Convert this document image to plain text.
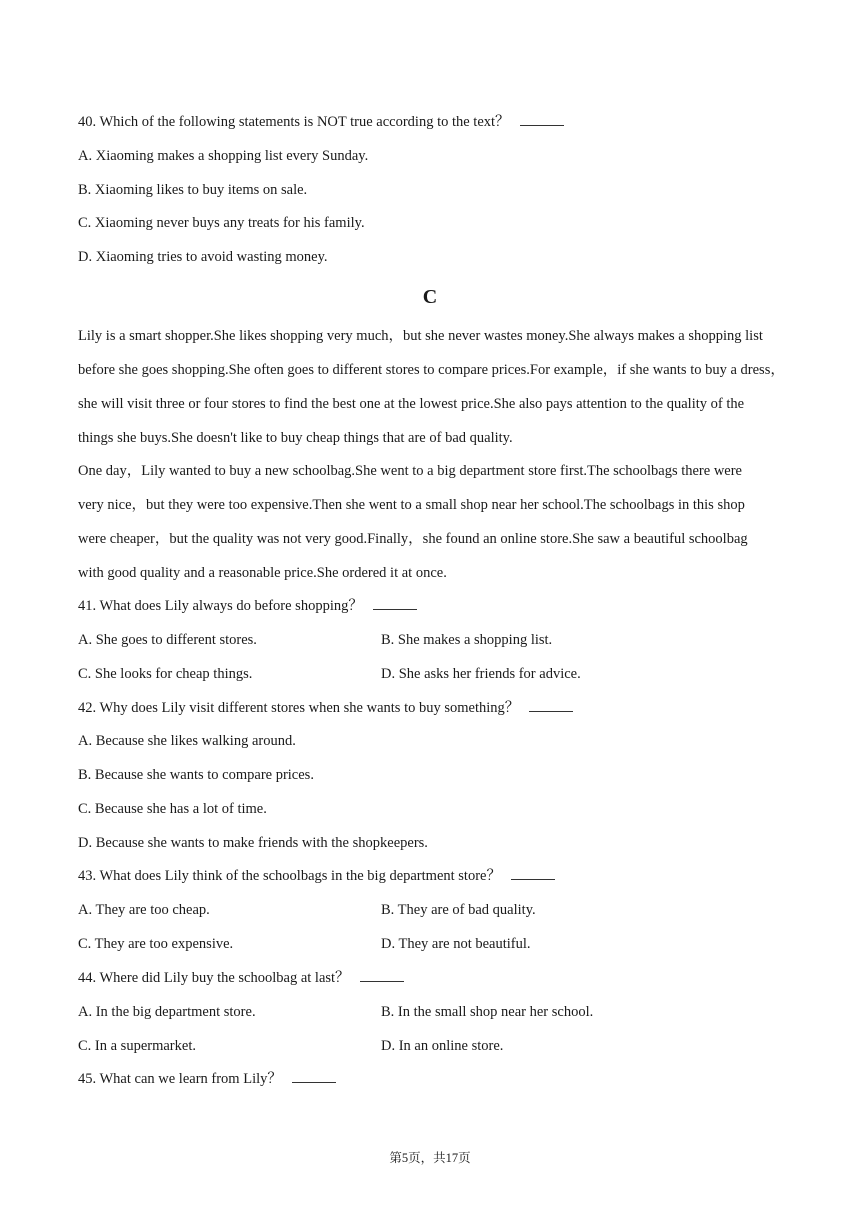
40. Which of the following statements is NOT true according to the text？
A. Xiaoming makes a shopping list every Sunday.
B. Xiaoming likes to buy items on sale.
C. Xiaoming never buys any treats for his family.
D. Xiaoming tries to avoid wasting money.
C
Lily is a smart shopper.She likes shopping very much，but she never wastes money.She always makes a shopping list
before she goes shopping.She often goes to different stores to compare prices.For example，if she wants to buy a dress，
she will visit three or four stores to find the best one at the lowest price.She also pays attention to the quality of the
things she buys.She doesn't like to buy cheap things that are of bad quality.
One day，Lily wanted to buy a new schoolbag.She went to a big department store first.The schoolbags there were
very nice，but they were too expensive.Then she went to a small shop near her school.The schoolbags in this shop
were cheaper，but the quality was not very good.Finally，she found an online store.She saw a beautiful schoolbag
with good quality and a reasonable price.She ordered it at once.
41. What does Lily always do before shopping？
A. She goes to different stores.	B. She makes a shopping list.
C. She looks for cheap things.	D. She asks her friends for advice.
42. Why does Lily visit different stores when she wants to buy something？
A. Because she likes walking around.
B. Because she wants to compare prices.
C. Because she has a lot of time.
D. Because she wants to make friends with the shopkeepers.
43. What does Lily think of the schoolbags in the big department store？
A. They are too cheap.	B. They are of bad quality.
C. They are too expensive.	D. They are not beautiful.
44. Where did Lily buy the schoolbag at last？
A. In the big department store.	B. In the small shop near her school.
C. In a supermarket.	D. In an online store.
45. What can we learn from Lily？
第5页，共17页
